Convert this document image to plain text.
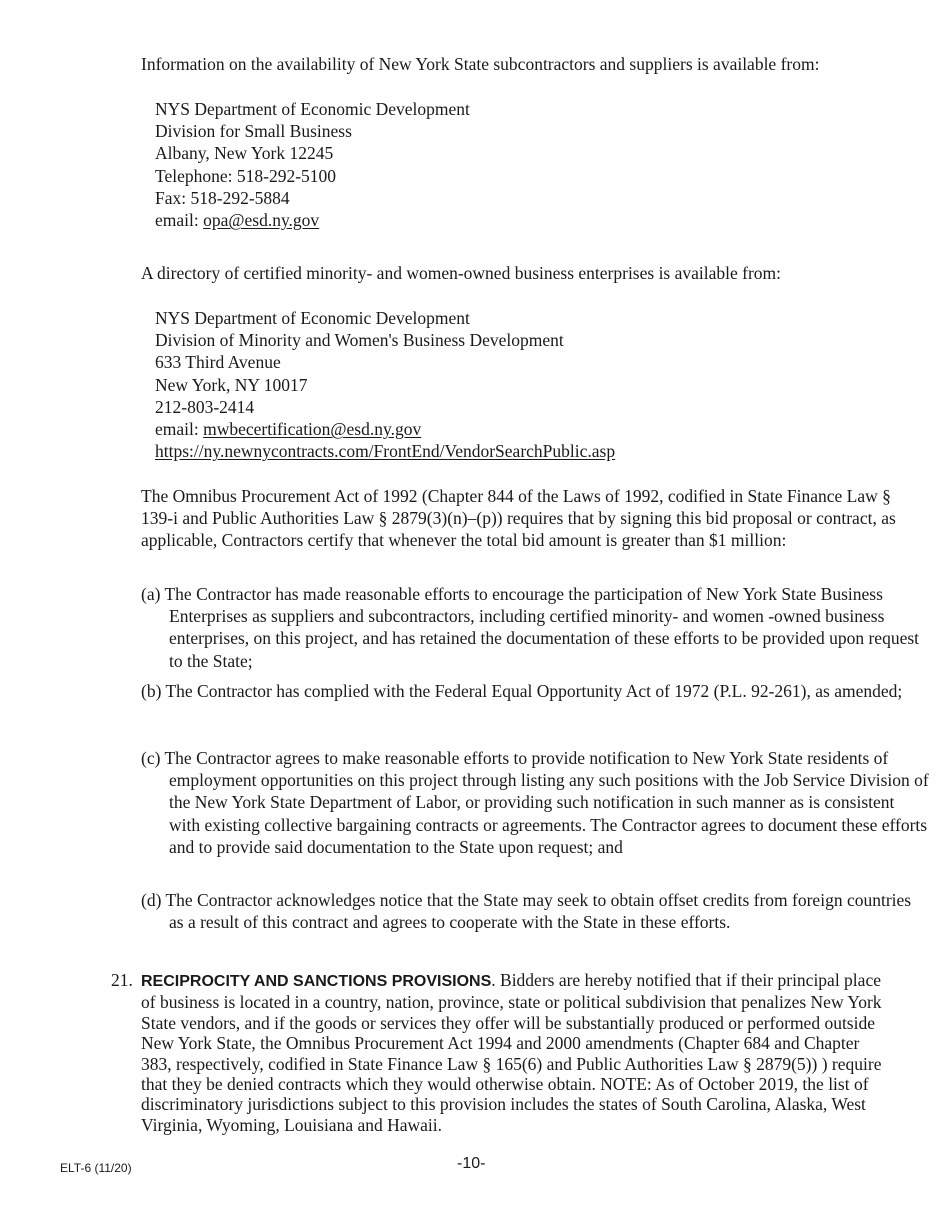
Information on the availability of New York State subcontractors and suppliers is available from:

NYS Department of Economic Development
Division for Small Business
Albany, New York 12245
Telephone: 518-292-5100
Fax: 518-292-5884
email: opa@esd.ny.gov

A directory of certified minority- and women-owned business enterprises is available from:

NYS Department of Economic Development
Division of Minority and Women's Business Development
633 Third Avenue
New York, NY 10017
212-803-2414
email: mwbecertification@esd.ny.gov
https://ny.newnycontracts.com/FrontEnd/VendorSearchPublic.asp

The Omnibus Procurement Act of 1992 (Chapter 844 of the Laws of 1992, codified in State Finance Law § 139-i and Public Authorities Law § 2879(3)(n)–(p)) requires that by signing this bid proposal or contract, as applicable, Contractors certify that whenever the total bid amount is greater than $1 million:

(a) The Contractor has made reasonable efforts to encourage the participation of New York State Business Enterprises as suppliers and subcontractors, including certified minority- and women -owned business enterprises, on this project, and has retained the documentation of these efforts to be provided upon request to the State;

(b) The Contractor has complied with the Federal Equal Opportunity Act of 1972 (P.L. 92-261), as amended;

(c) The Contractor agrees to make reasonable efforts to provide notification to New York State residents of employment opportunities on this project through listing any such positions with the Job Service Division of the New York State Department of Labor, or providing such notification in such manner as is consistent with existing collective bargaining contracts or agreements. The Contractor agrees to document these efforts and to provide said documentation to the State upon request; and

(d) The Contractor acknowledges notice that the State may seek to obtain offset credits from foreign countries as a result of this contract and agrees to cooperate with the State in these efforts.

21. RECIPROCITY AND SANCTIONS PROVISIONS. Bidders are hereby notified that if their principal place of business is located in a country, nation, province, state or political subdivision that penalizes New York State vendors, and if the goods or services they offer will be substantially produced or performed outside New York State, the Omnibus Procurement Act 1994 and 2000 amendments (Chapter 684 and Chapter 383, respectively, codified in State Finance Law § 165(6) and Public Authorities Law § 2879(5)) ) require that they be denied contracts which they would otherwise obtain. NOTE: As of October 2019, the list of discriminatory jurisdictions subject to this provision includes the states of South Carolina, Alaska, West Virginia, Wyoming, Louisiana and Hawaii.
ELT-6 (11/20)	-10-
